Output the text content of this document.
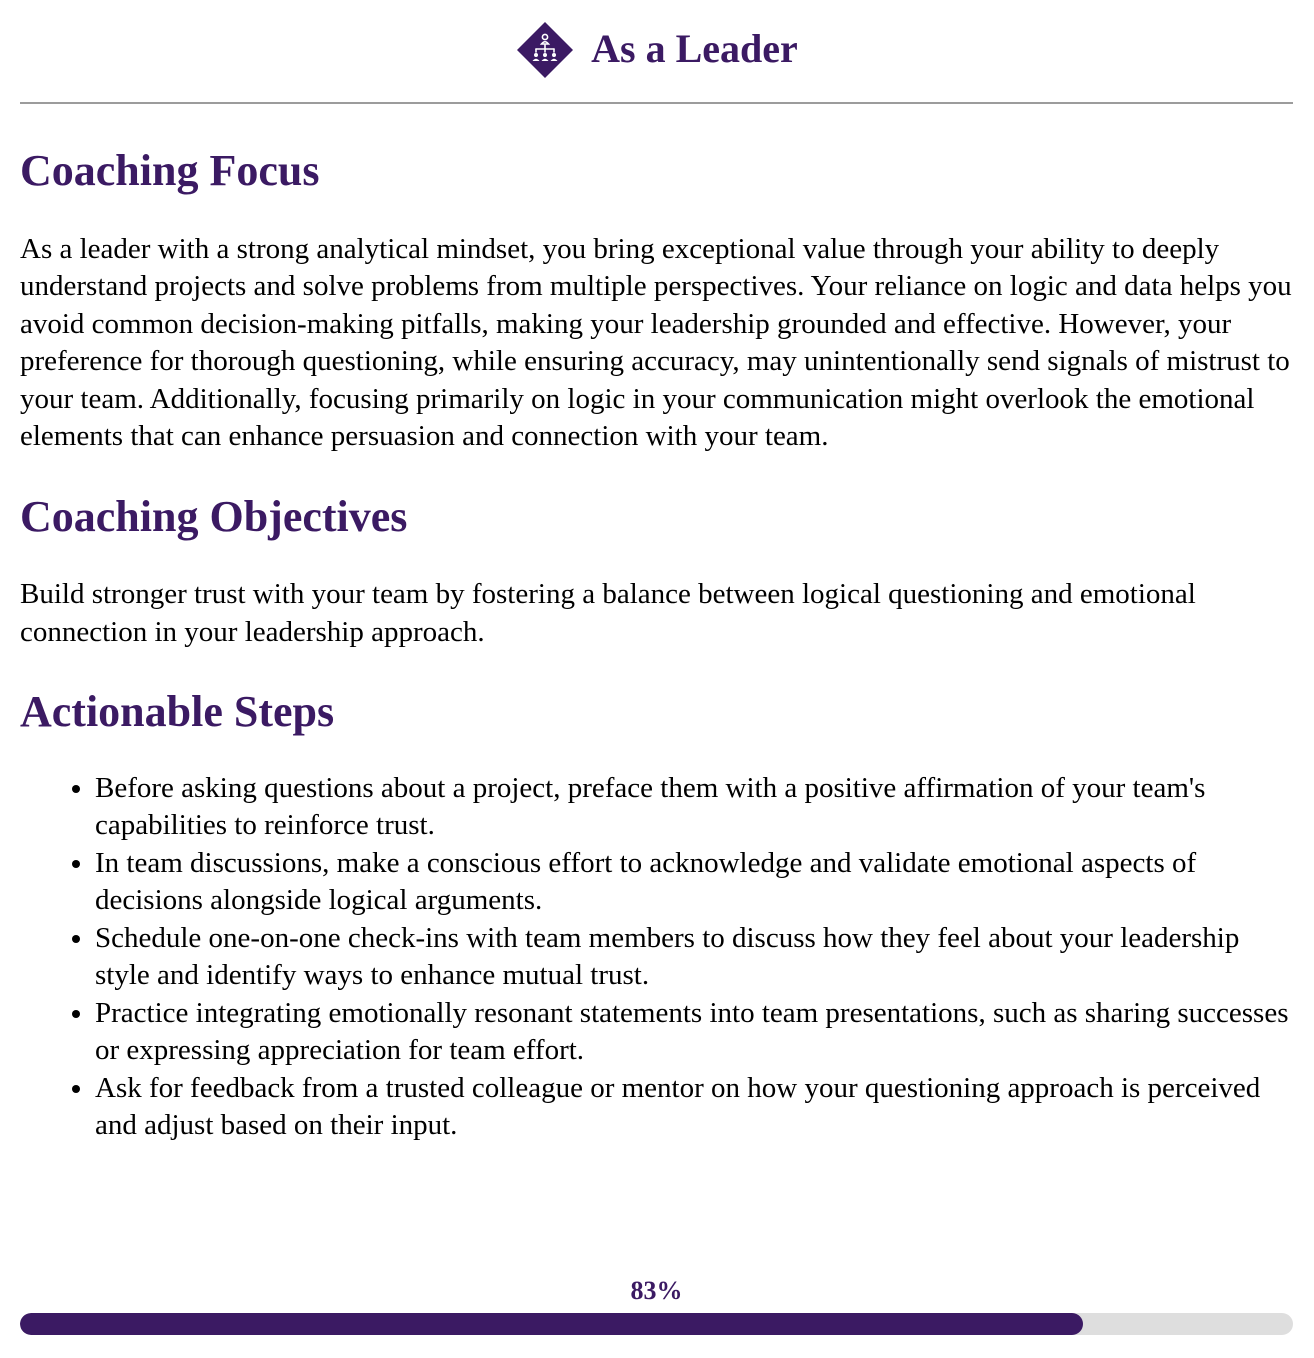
As a Leader
Coaching Focus

As a leader with a strong analytical mindset, you bring exceptional value through your ability to deeply understand projects and solve problems from multiple perspectives. Your reliance on logic and data helps you avoid common decision-making pitfalls, making your leadership grounded and effective. However, your preference for thorough questioning, while ensuring accuracy, may unintentionally send signals of mistrust to your team. Additionally, focusing primarily on logic in your communication might overlook the emotional elements that can enhance persuasion and connection with your team.

Coaching Objectives

Build stronger trust with your team by fostering a balance between logical questioning and emotional connection in your leadership approach.

Actionable Steps
• Before asking questions about a project, preface them with a positive affirmation of your team's capabilities to reinforce trust.
• In team discussions, make a conscious effort to acknowledge and validate emotional aspects of decisions alongside logical arguments.
• Schedule one-on-one check-ins with team members to discuss how they feel about your leadership style and identify ways to enhance mutual trust.
• Practice integrating emotionally resonant statements into team presentations, such as sharing successes or expressing appreciation for team effort.
• Ask for feedback from a trusted colleague or mentor on how your questioning approach is perceived and adjust based on their input.
83%
